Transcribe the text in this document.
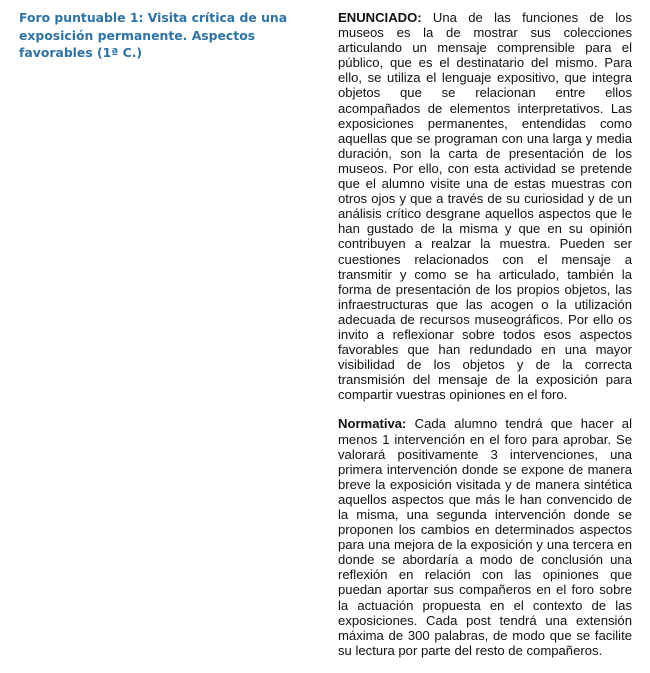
Foro puntuable 1: Visita crítica de una exposición permanente. Aspectos favorables (1ª C.)

ENUNCIADO: Una de las funciones de los museos es la de mostrar sus colecciones articulando un mensaje comprensible para el público, que es el destinatario del mismo. Para ello, se utiliza el lenguaje expositivo, que integra objetos que se relacionan entre ellos acompañados de elementos interpretativos. Las exposiciones permanentes, entendidas como aquellas que se programan con una larga y media duración, son la carta de presentación de los museos. Por ello, con esta actividad se pretende que el alumno visite una de estas muestras con otros ojos y que a través de su curiosidad y de un análisis crítico desgrane aquellos aspectos que le han gustado de la misma y que en su opinión contribuyen a realzar la muestra. Pueden ser cuestiones relacionados con el mensaje a transmitir y como se ha articulado, también la forma de presentación de los propios objetos, las infraestructuras que las acogen o la utilización adecuada de recursos museográficos. Por ello os invito a reflexionar sobre todos esos aspectos favorables que han redundado en una mayor visibilidad de los objetos y de la correcta transmisión del mensaje de la exposición para compartir vuestras opiniones en el foro.

Normativa: Cada alumno tendrá que hacer al menos 1 intervención en el foro para aprobar. Se valorará positivamente 3 intervenciones, una primera intervención donde se expone de manera breve la exposición visitada y de manera sintética aquellos aspectos que más le han convencido de la misma, una segunda intervención donde se proponen los cambios en determinados aspectos para una mejora de la exposición y una tercera en donde se abordaría a modo de conclusión una reflexión en relación con las opiniones que puedan aportar sus compañeros en el foro sobre la actuación propuesta en el contexto de las exposiciones. Cada post tendrá una extensión máxima de 300 palabras, de modo que se facilite su lectura por parte del resto de compañeros.
